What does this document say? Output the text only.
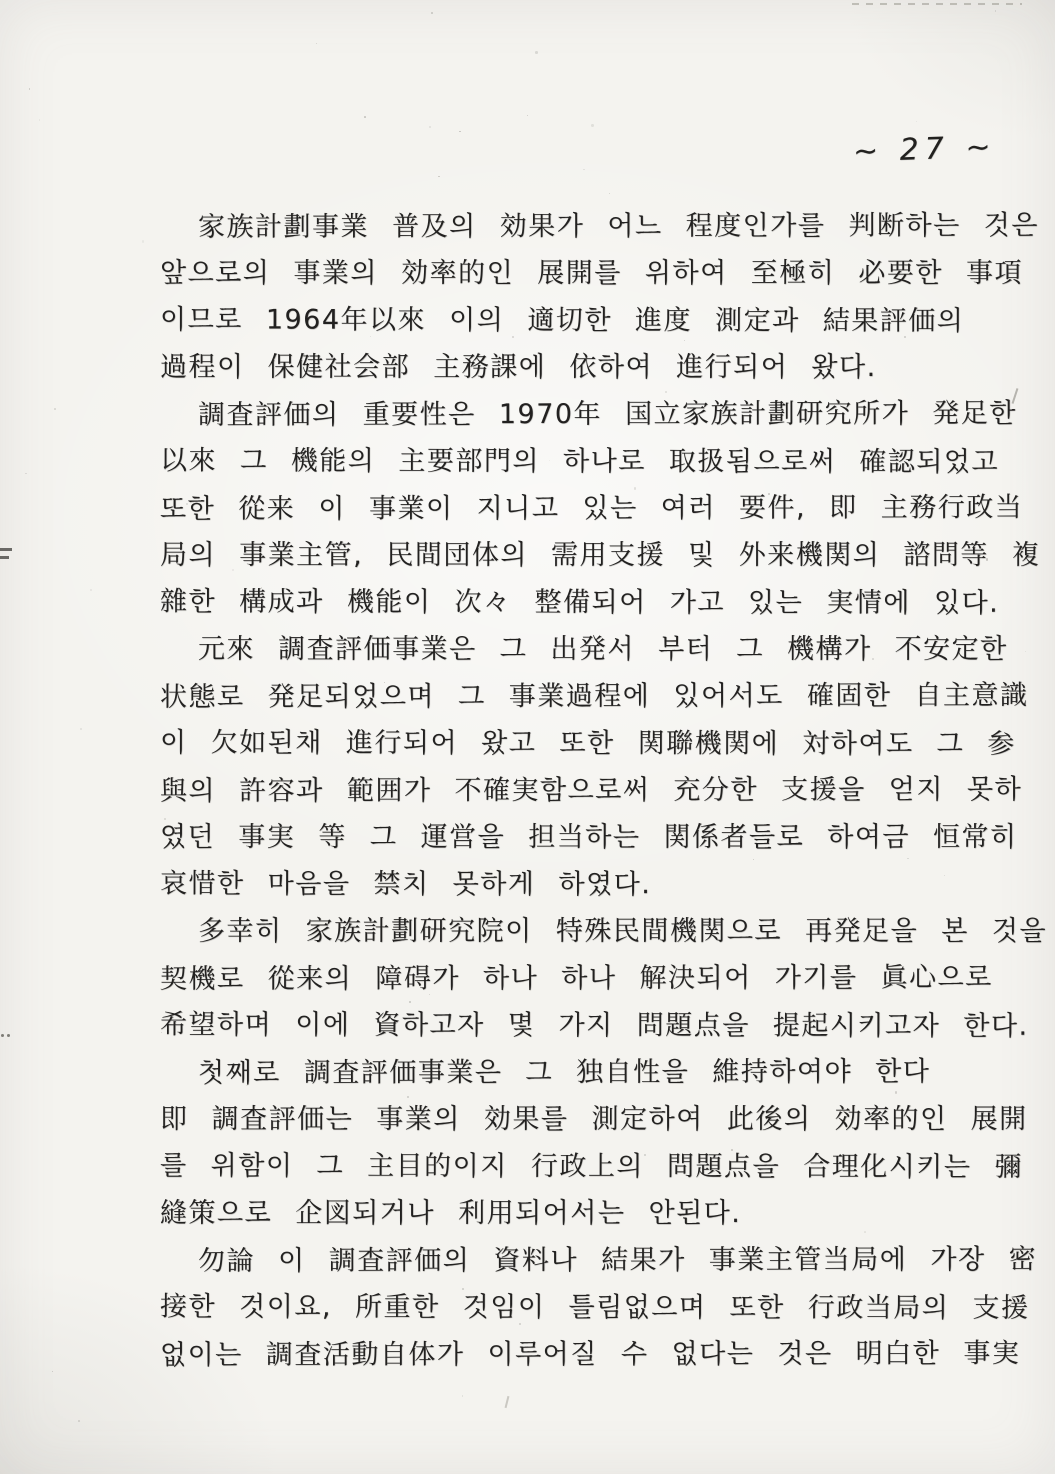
~ 27 ~
家族計劃事業 普及의 効果가 어느 程度인가를 判断하는 것은
앞으로의 事業의 効率的인 展開를 위하여 至極히 必要한 事項
이므로 1964年以來 이의 適切한 進度 測定과 結果評価의
過程이 保健社会部 主務課에 依하여 進行되어 왔다.
調査評価의 重要性은 1970年 国立家族計劃研究所가 発足한
以來 그 機能의 主要部門의 하나로 取扱됨으로써 確認되었고
또한 從来 이 事業이 지니고 있는 여러 要件, 即 主務行政当
局의 事業主管, 民間団体의 需用支援 및 外来機関의 諮問等 複
雜한 構成과 機能이 次々 整備되어 가고 있는 実情에 있다.
元來 調査評価事業은 그 出発서 부터 그 機構가 不安定한
状態로 発足되었으며 그 事業過程에 있어서도 確固한 自主意識
이 欠如된채 進行되어 왔고 또한 関聯機関에 対하여도 그 参
與의 許容과 範囲가 不確実함으로써 充分한 支援을 얻지 못하
였던 事実 等 그 運営을 担当하는 関係者들로 하여금 恒常히
哀惜한 마음을 禁치 못하게 하였다.
多幸히 家族計劃研究院이 特殊民間機関으로 再発足을 본 것을
契機로 從来의 障碍가 하나 하나 解決되어 가기를 眞心으로
希望하며 이에 資하고자 몇 가지 問題点을 提起시키고자 한다.
첫째로 調査評価事業은 그 独自性을 維持하여야 한다
即 調査評価는 事業의 効果를 測定하여 此後의 効率的인 展開
를 위함이 그 主目的이지 行政上의 問題点을 合理化시키는 彌
縫策으로 企図되거나 利用되어서는 안된다.
勿論 이 調査評価의 資料나 結果가 事業主管当局에 가장 密
接한 것이요, 所重한 것임이 틀림없으며 또한 行政当局의 支援
없이는 調査活動自体가 이루어질 수 없다는 것은 明白한 事実
